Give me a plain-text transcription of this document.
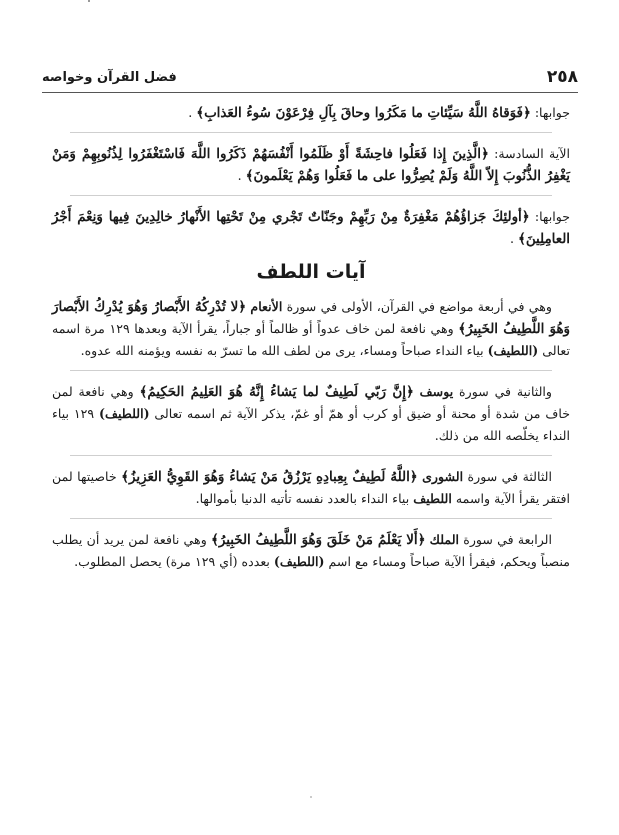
فضل القرآن وخواصه	٢٥٨

جوابها: ﴿فَوَقاهُ اللَّهُ سَيِّئاتِ ما مَكَرُوا وحاقَ بِآلِ فِرْعَوْنَ سُوءُ العَذابِ﴾ .

الآية السادسة: ﴿الَّذِينَ إِذا فَعَلُوا فاحِشَةً أَوْ ظَلَمُوا أَنْفُسَهُمْ ذَكَرُوا اللَّهَ فَاسْتَغْفَرُوا لِذُنُوبِهِمْ وَمَنْ يَغْفِرُ الذُّنُوبَ إِلاّ اللَّهُ وَلَمْ يُصِرُّوا على ما فَعَلُوا وَهُمْ يَعْلَمونَ﴾ .

جوابها: ﴿أولئِكَ جَزاؤُهُمْ مَغْفِرَةٌ مِنْ رَبِّهِمْ وجَنّاتٌ تَجْري مِنْ تَحْتِها الأَنْهارُ خالِدِينَ فِيها وَنِعْمَ أَجْرُ العامِلِينَ﴾ .

آيات اللطف

وهي في أربعة مواضع في القرآن، الأولى في سورة الأنعام ﴿لا تُدْرِكُهُ الأَبْصارُ وَهُوَ يُدْرِكُ الأَبْصارَ وَهُوَ اللَّطِيفُ الخَبِيرُ﴾ وهي نافعة لمن خاف عدواً أو ظالماً أو جباراً، يقرأ الآية وبعدها ١٢٩ مرة اسمه تعالى (اللطيف) بياء النداء صباحاً ومساء، يرى من لطف الله ما تسرّ به نفسه ويؤمنه الله عدوه.

والثانية في سورة يوسف ﴿إِنَّ رَبّي لَطِيفٌ لما يَشاءُ إِنَّهُ هُوَ العَلِيمُ الحَكِيمُ﴾ وهي نافعة لمن خاف من شدة أو محنة أو ضيق أو كرب أو همّ أو غمّ، يذكر الآية ثم اسمه تعالى (اللطيف) ١٢٩ بياء النداء يخلّصه الله من ذلك.

الثالثة في سورة الشورى ﴿اللَّهُ لَطِيفٌ بِعِبادِهِ يَرْزُقُ مَنْ يَشاءُ وَهُوَ القَوِيُّ العَزِيزُ﴾ خاصيتها لمن افتقر يقرأ الآية واسمه اللطيف بياء النداء بالعدد نفسه تأتيه الدنيا بأموالها.

الرابعة في سورة الملك ﴿أَلا يَعْلَمُ مَنْ خَلَقَ وَهُوَ اللَّطِيفُ الخَبِيرُ﴾ وهي نافعة لمن يريد أن يطلب منصباً ويحكم، فيقرأ الآية صباحاً ومساء مع اسم (اللطيف) بعدده (أي ١٢٩ مرة) يحصل المطلوب.
